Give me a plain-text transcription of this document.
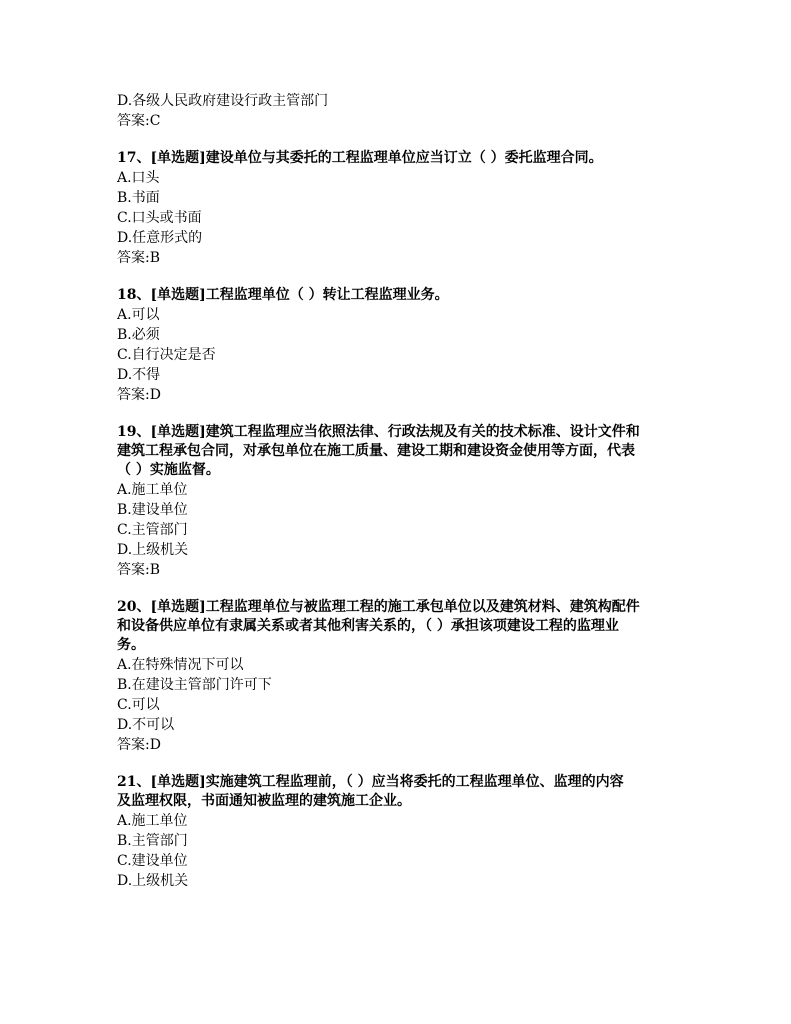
D.各级人民政府建设行政主管部门
答案:C
17、[单选题]建设单位与其委托的工程监理单位应当订立（ ）委托监理合同。
A.口头
B.书面
C.口头或书面
D.任意形式的
答案:B
18、[单选题]工程监理单位（ ）转让工程监理业务。
A.可以
B.必须
C.自行决定是否
D.不得
答案:D
19、[单选题]建筑工程监理应当依照法律、行政法规及有关的技术标准、设计文件和
建筑工程承包合同，对承包单位在施工质量、建设工期和建设资金使用等方面，代表
（ ）实施监督。
A.施工单位
B.建设单位
C.主管部门
D.上级机关
答案:B
20、[单选题]工程监理单位与被监理工程的施工承包单位以及建筑材料、建筑构配件
和设备供应单位有隶属关系或者其他利害关系的，（ ）承担该项建设工程的监理业
务。
A.在特殊情况下可以
B.在建设主管部门许可下
C.可以
D.不可以
答案:D
21、[单选题]实施建筑工程监理前，（ ）应当将委托的工程监理单位、监理的内容
及监理权限，书面通知被监理的建筑施工企业。
A.施工单位
B.主管部门
C.建设单位
D.上级机关
